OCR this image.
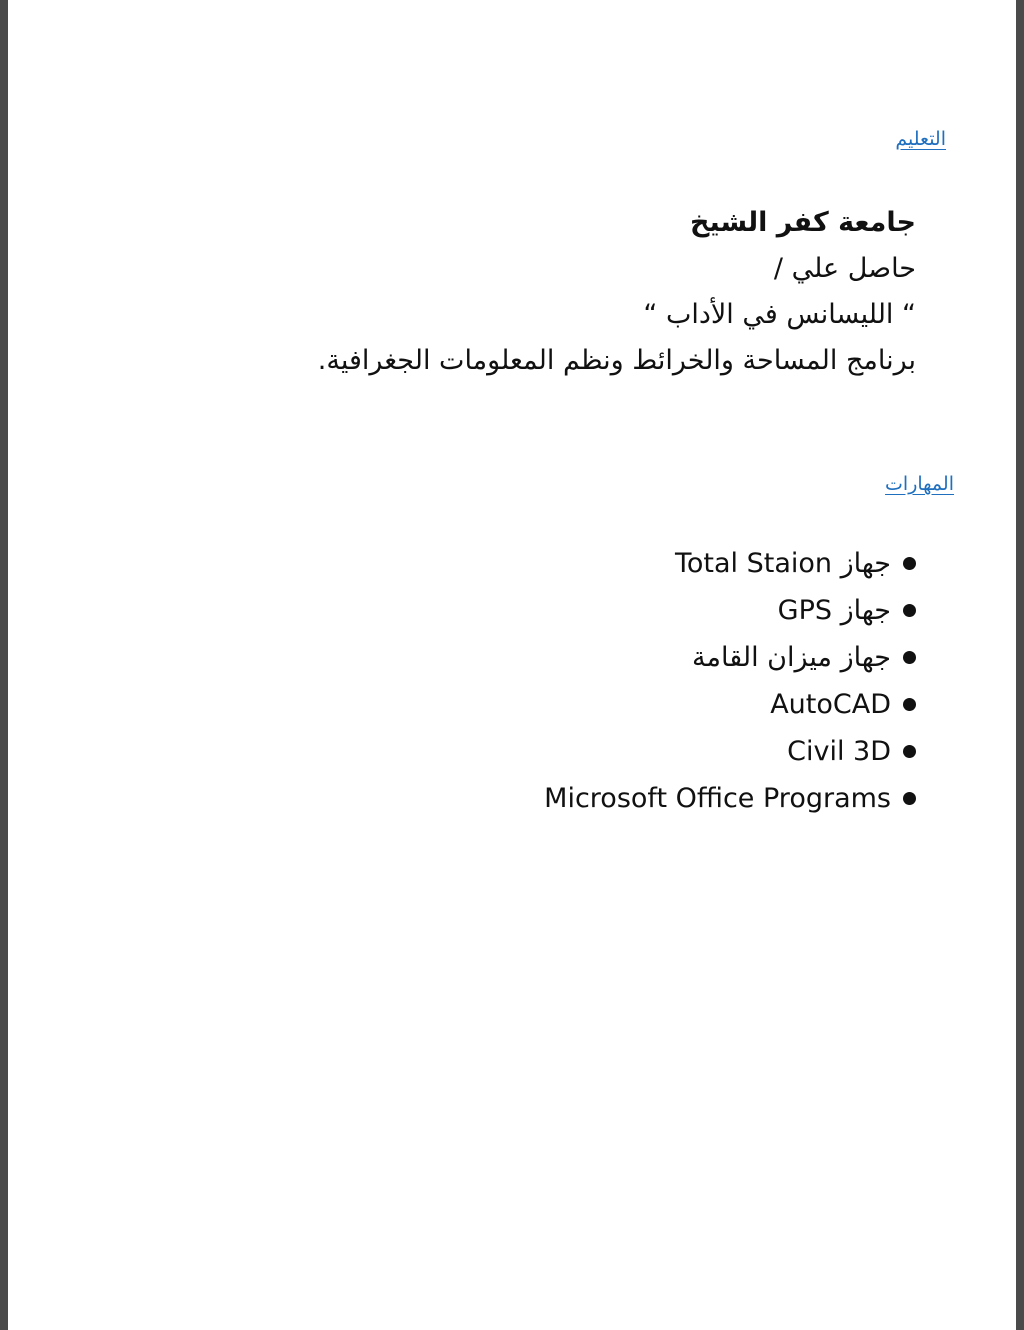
التعليم
جامعة كفر الشيخ
حاصل علي /
“ الليسانس في الأداب “
برنامج المساحة والخرائط ونظم المعلومات الجغرافية.
المهارات
جهاز Total Staion
جهاز GPS
جهاز ميزان القامة
AutoCAD
Civil 3D
Microsoft Office Programs
